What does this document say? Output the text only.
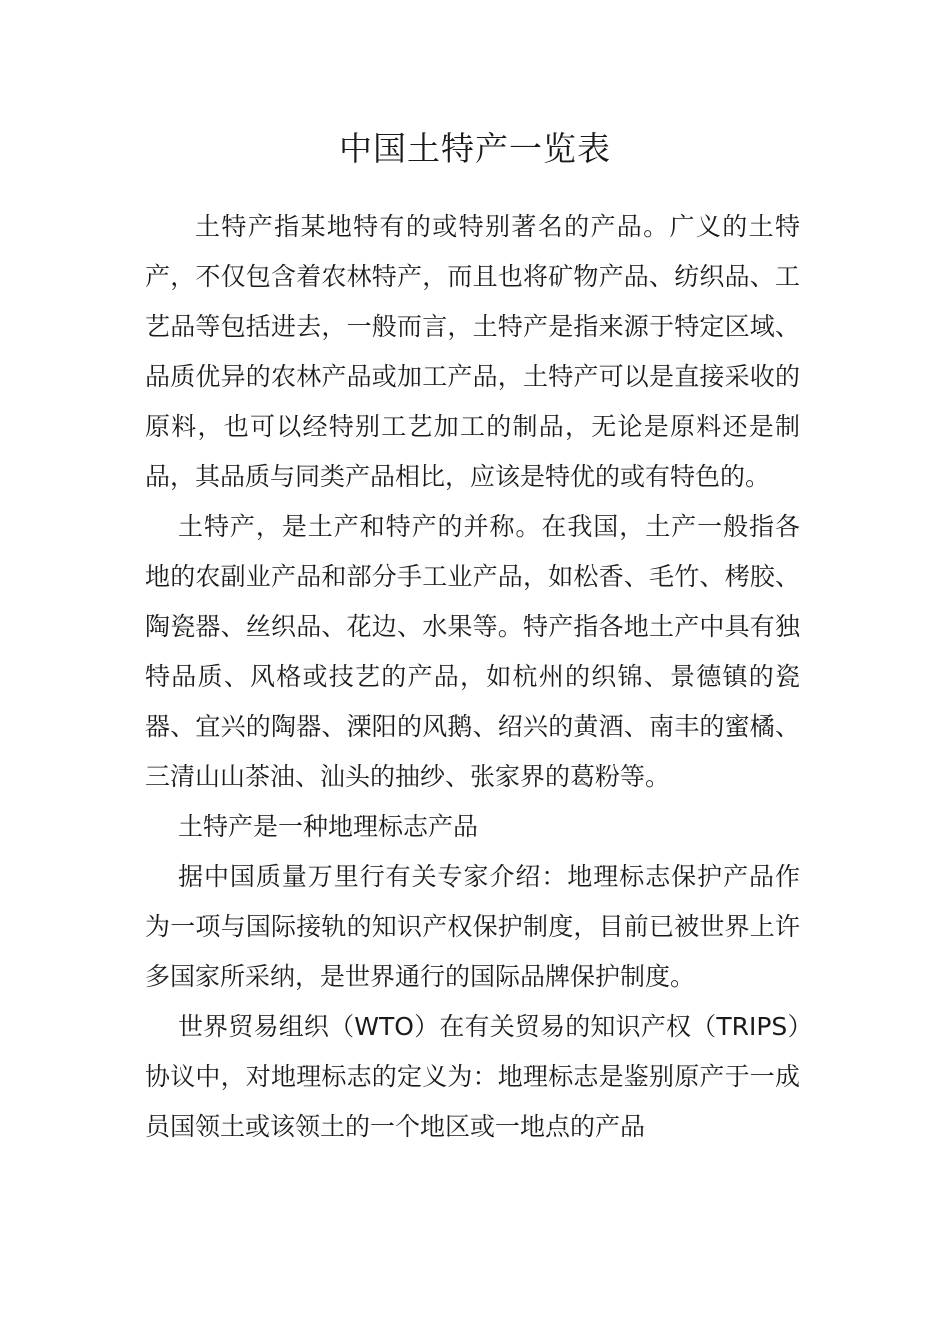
中国土特产一览表

土特产指某地特有的或特别著名的产品。广义的土特产，不仅包含着农林特产，而且也将矿物产品、纺织品、工艺品等包括进去，一般而言，土特产是指来源于特定区域、品质优异的农林产品或加工产品，土特产可以是直接采收的原料，也可以经特别工艺加工的制品，无论是原料还是制品，其品质与同类产品相比，应该是特优的或有特色的。

土特产，是土产和特产的并称。在我国，土产一般指各地的农副业产品和部分手工业产品，如松香、毛竹、栲胶、陶瓷器、丝织品、花边、水果等。特产指各地土产中具有独特品质、风格或技艺的产品，如杭州的织锦、景德镇的瓷器、宜兴的陶器、溧阳的风鹅、绍兴的黄酒、南丰的蜜橘、三清山山茶油、汕头的抽纱、张家界的葛粉等。

土特产是一种地理标志产品

据中国质量万里行有关专家介绍：地理标志保护产品作为一项与国际接轨的知识产权保护制度，目前已被世界上许多国家所采纳，是世界通行的国际品牌保护制度。

世界贸易组织（WTO）在有关贸易的知识产权（TRIPS）协议中，对地理标志的定义为：地理标志是鉴别原产于一成员国领土或该领土的一个地区或一地点的产品
